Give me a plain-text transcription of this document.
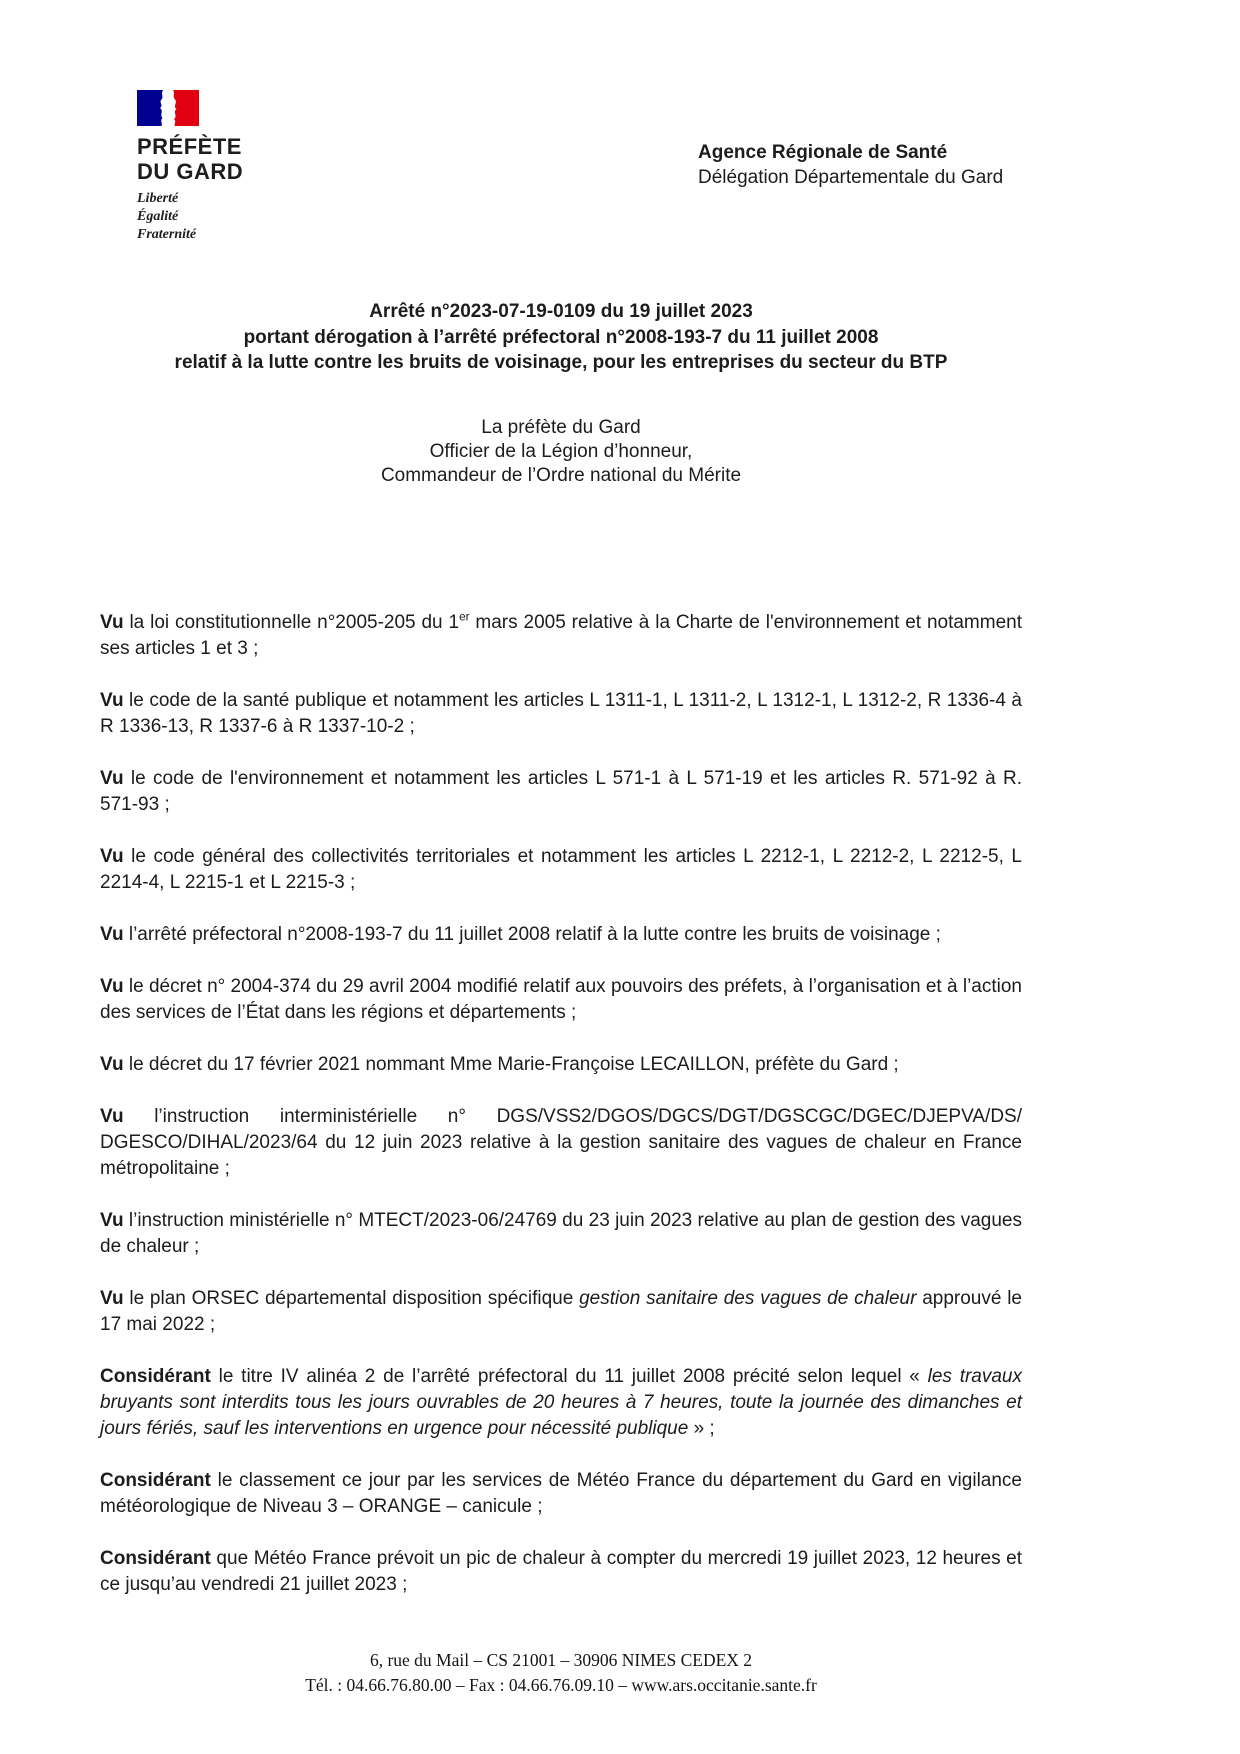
PRÉFÈTE
DU GARD
Liberté
Égalité
Fraternité
Agence Régionale de Santé
Délégation Départementale du Gard
Arrêté n°2023-07-19-0109 du 19 juillet 2023
portant dérogation à l’arrêté préfectoral n°2008-193-7 du 11 juillet 2008
relatif à la lutte contre les bruits de voisinage, pour les entreprises du secteur du BTP
La préfète du Gard
Officier de la Légion d’honneur,
Commandeur de l’Ordre national du Mérite

Vu la loi constitutionnelle n°2005-205 du 1er mars 2005 relative à la Charte de l'environnement et notamment ses articles 1 et 3 ;

Vu le code de la santé publique et notamment les articles L 1311-1, L 1311-2, L 1312-1, L 1312-2, R 1336-4 à R 1336-13, R 1337-6 à R 1337-10-2 ;

Vu le code de l'environnement et notamment les articles L 571-1 à L 571-19 et les articles R. 571-92 à R. 571-93 ;

Vu le code général des collectivités territoriales et notamment les articles L 2212-1, L 2212-2, L 2212-5, L 2214-4, L 2215-1 et L 2215-3 ;

Vu l’arrêté préfectoral n°2008-193-7 du 11 juillet 2008 relatif à la lutte contre les bruits de voisinage ;

Vu le décret n° 2004-374 du 29 avril 2004 modifié relatif aux pouvoirs des préfets, à l’organisation et à l’action des services de l’État dans les régions et départements ;

Vu le décret du 17 février 2021 nommant Mme Marie-Françoise LECAILLON, préfète du Gard ;

Vu l’instruction interministérielle n° DGS/VSS2/DGOS/DGCS/DGT/DGSCGC/DGEC/DJEPVA/DS/DGESCO/DIHAL/2023/64 du 12 juin 2023 relative à la gestion sanitaire des vagues de chaleur en France métropolitaine ;

Vu l’instruction ministérielle n° MTECT/2023-06/24769 du 23 juin 2023 relative au plan de gestion des vagues de chaleur ;

Vu le plan ORSEC départemental disposition spécifique gestion sanitaire des vagues de chaleur approuvé le 17 mai 2022 ;

Considérant le titre IV alinéa 2 de l’arrêté préfectoral du 11 juillet 2008 précité selon lequel « les travaux bruyants sont interdits tous les jours ouvrables de 20 heures à 7 heures, toute la journée des dimanches et jours fériés, sauf les interventions en urgence pour nécessité publique » ;

Considérant le classement ce jour par les services de Météo France du département du Gard en vigilance météorologique de Niveau 3 – ORANGE – canicule ;

Considérant que Météo France prévoit un pic de chaleur à compter du mercredi 19 juillet 2023, 12 heures et ce jusqu’au vendredi 21 juillet 2023 ;

6, rue du Mail – CS 21001 – 30906 NIMES CEDEX 2
Tél. : 04.66.76.80.00 – Fax : 04.66.76.09.10 – www.ars.occitanie.sante.fr
